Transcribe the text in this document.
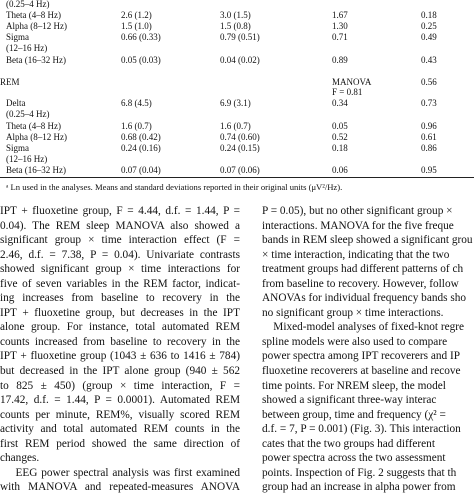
(0.25–4 Hz)
Theta (4–8 Hz)	2.6 (1.2)	3.0 (1.5)	1.67	0.18
Alpha (8–12 Hz)	1.5 (1.0)	1.5 (0.8)	1.30	0.25
Sigma	0.66 (0.33)	0.79 (0.51)	0.71	0.49
(12–16 Hz)
Beta (16–32 Hz)	0.05 (0.03)	0.04 (0.02)	0.89	0.43
REM	MANOVA	0.56
F = 0.81
Delta	6.8 (4.5)	6.9 (3.1)	0.34	0.73
(0.25–4 Hz)
Theta (4–8 Hz)	1.6 (0.7)	1.6 (0.7)	0.05	0.96
Alpha (8–12 Hz)	0.68 (0.42)	0.74 (0.60)	0.52	0.61
Sigma	0.24 (0.16)	0.24 (0.15)	0.18	0.86
(12–16 Hz)
Beta (16–32 Hz)	0.07 (0.04)	0.07 (0.06)	0.06	0.95
ᵃ Ln used in the analyses. Means and standard deviations reported in their original units (μV²/Hz).
IPT + fluoxetine group, F = 4.44, d.f. = 1.44, P =
0.04). The REM sleep MANOVA also showed a
significant group × time interaction effect (F =
2.46, d.f. = 7.38, P = 0.04). Univariate contrasts
showed significant group × time interactions for
five of seven variables in the REM factor, indicat-
ing increases from baseline to recovery in the
IPT + fluoxetine group, but decreases in the IPT
alone group. For instance, total automated REM
counts increased from baseline to recovery in the
IPT + fluoxetine group (1043 ± 636 to 1416 ± 784)
but decreased in the IPT alone group (940 ± 562
to 825 ± 450) (group × time interaction, F =
17.42, d.f. = 1.44, P = 0.0001). Automated REM
counts per minute, REM%, visually scored REM
activity and total automated REM counts in the
first REM period showed the same direction of
changes.
EEG power spectral analysis was first examined
with MANOVA and repeated-measures ANOVA
P = 0.05), but no other significant group ×
interactions. MANOVA for the five freque
bands in REM sleep showed a significant grou
× time interaction, indicating that the two
treatment groups had different patterns of ch
from baseline to recovery. However, follow
ANOVAs for individual frequency bands sho
no significant group × time interactions.
Mixed-model analyses of fixed-knot regre
spline models were also used to compare
power spectra among IPT recoverers and IP
fluoxetine recoverers at baseline and recove
time points. For NREM sleep, the model
showed a significant three-way interac
between group, time and frequency (χ² =
d.f. = 7, P = 0.001) (Fig. 3). This interaction
cates that the two groups had different
power spectra across the two assessment
points. Inspection of Fig. 2 suggests that th
group had an increase in alpha power from
